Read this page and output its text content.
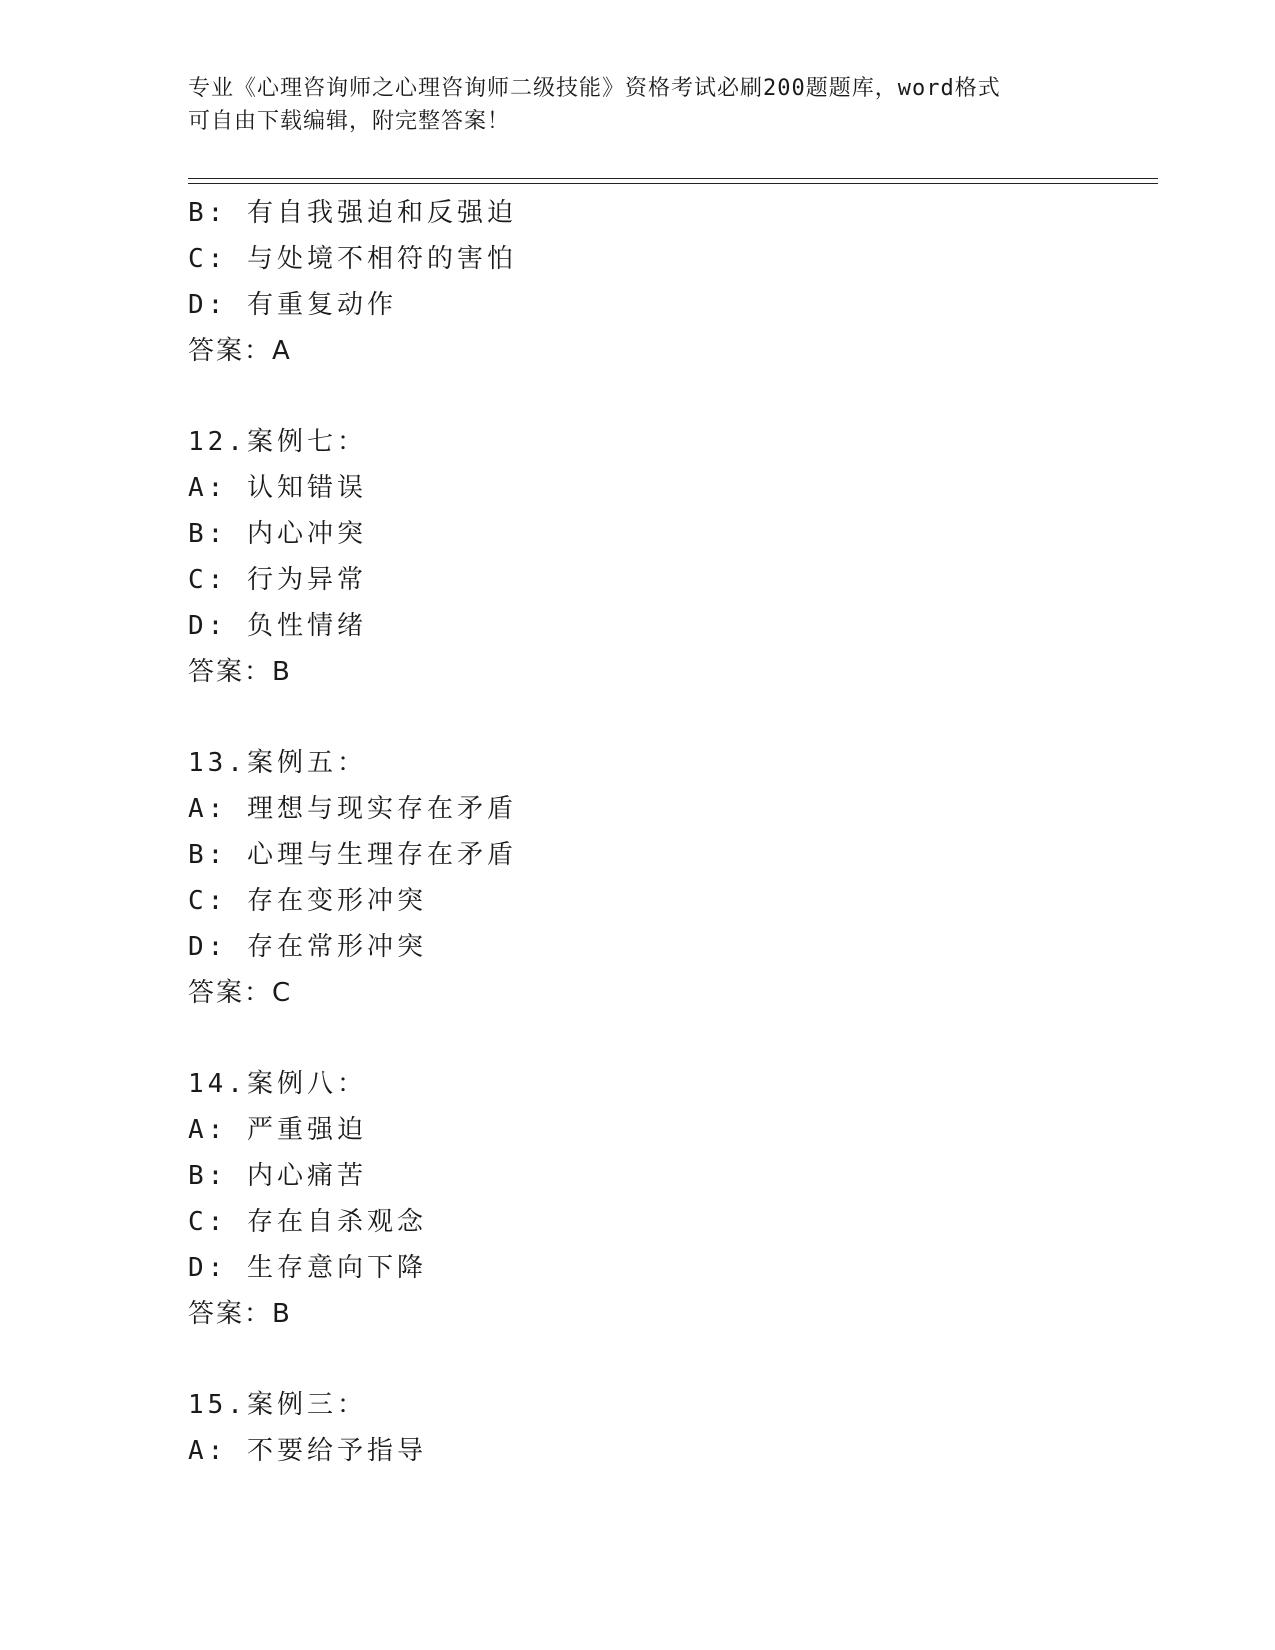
专业《心理咨询师之心理咨询师二级技能》资格考试必刷200题题库，word格式
可自由下载编辑，附完整答案！
B: 有自我强迫和反强迫
C: 与处境不相符的害怕
D: 有重复动作
答案：A
12.案例七：
A: 认知错误
B: 内心冲突
C: 行为异常
D: 负性情绪
答案：B
13.案例五：
A: 理想与现实存在矛盾
B: 心理与生理存在矛盾
C: 存在变形冲突
D: 存在常形冲突
答案：C
14.案例八：
A: 严重强迫
B: 内心痛苦
C: 存在自杀观念
D: 生存意向下降
答案：B
15.案例三：
A: 不要给予指导
